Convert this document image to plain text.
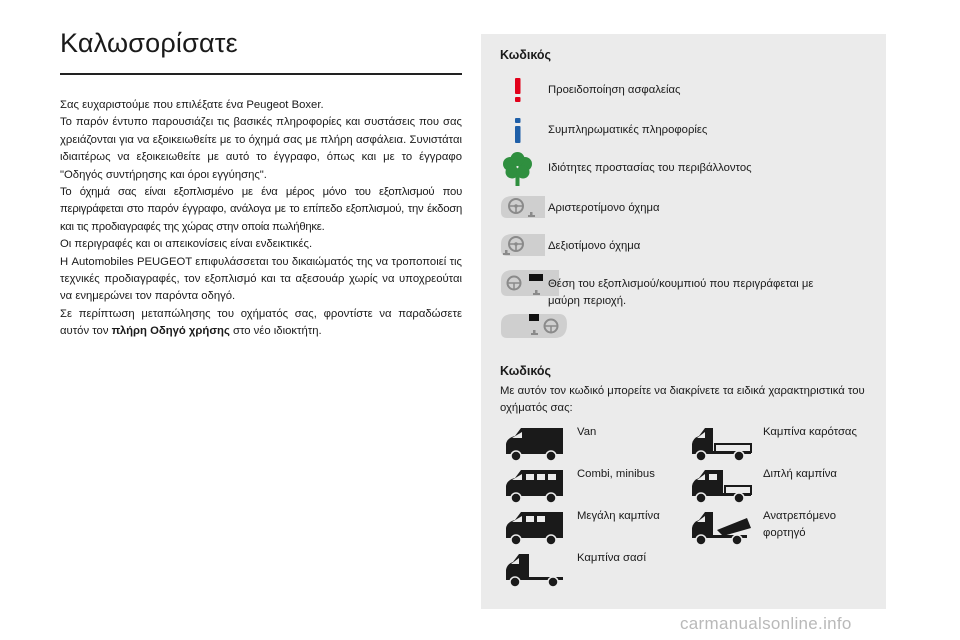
Καλωσορίσατε

Σας ευχαριστούμε που επιλέξατε ένα Peugeot Boxer.

Το παρόν έντυπο παρουσιάζει τις βασικές πληροφορίες και συστάσεις που σας χρειάζονται για να εξοικειωθείτε με το όχημά σας με πλήρη ασφάλεια. Συνιστάται ιδιαιτέρως να εξοικειωθείτε με αυτό το έγγραφο, όπως και με το έγγραφο "Οδηγός συντήρησης και όροι εγγύησης".

Το όχημά σας είναι εξοπλισμένο με ένα μέρος μόνο του εξοπλισμού που περιγράφεται στο παρόν έγγραφο, ανάλογα με το επίπεδο εξοπλισμού, την έκδοση και τις προδιαγραφές της χώρας στην οποία πωλήθηκε.

Οι περιγραφές και οι απεικονίσεις είναι ενδεικτικές.

Η Automobiles PEUGEOT επιφυλάσσεται του δικαιώματός της να τροποποιεί τις τεχνικές προδιαγραφές, τον εξοπλισμό και τα αξεσουάρ χωρίς να υποχρεούται να ενημερώνει τον παρόντα οδηγό.

Σε περίπτωση μεταπώλησης του οχήματός σας, φροντίστε να παραδώσετε αυτόν τον πλήρη Οδηγό χρήσης στο νέο ιδιοκτήτη.

Κωδικός
Προειδοποίηση ασφαλείας
Συμπληρωματικές πληροφορίες
Ιδιότητες προστασίας του περιβάλλοντος
Αριστεροτίμονο όχημα
Δεξιοτίμονο όχημα
Θέση του εξοπλισμού/κουμπιού που περιγράφεται με μαύρη περιοχή.
Κωδικός
Με αυτόν τον κωδικό μπορείτε να διακρίνετε τα ειδικά χαρακτηριστικά του οχήματός σας:
Van	Καμπίνα καρότσας
Combi, minibus	Διπλή καμπίνα
Μεγάλη καμπίνα	Ανατρεπόμενο φορτηγό
Καμπίνα σασί
carmanualsonline.info
